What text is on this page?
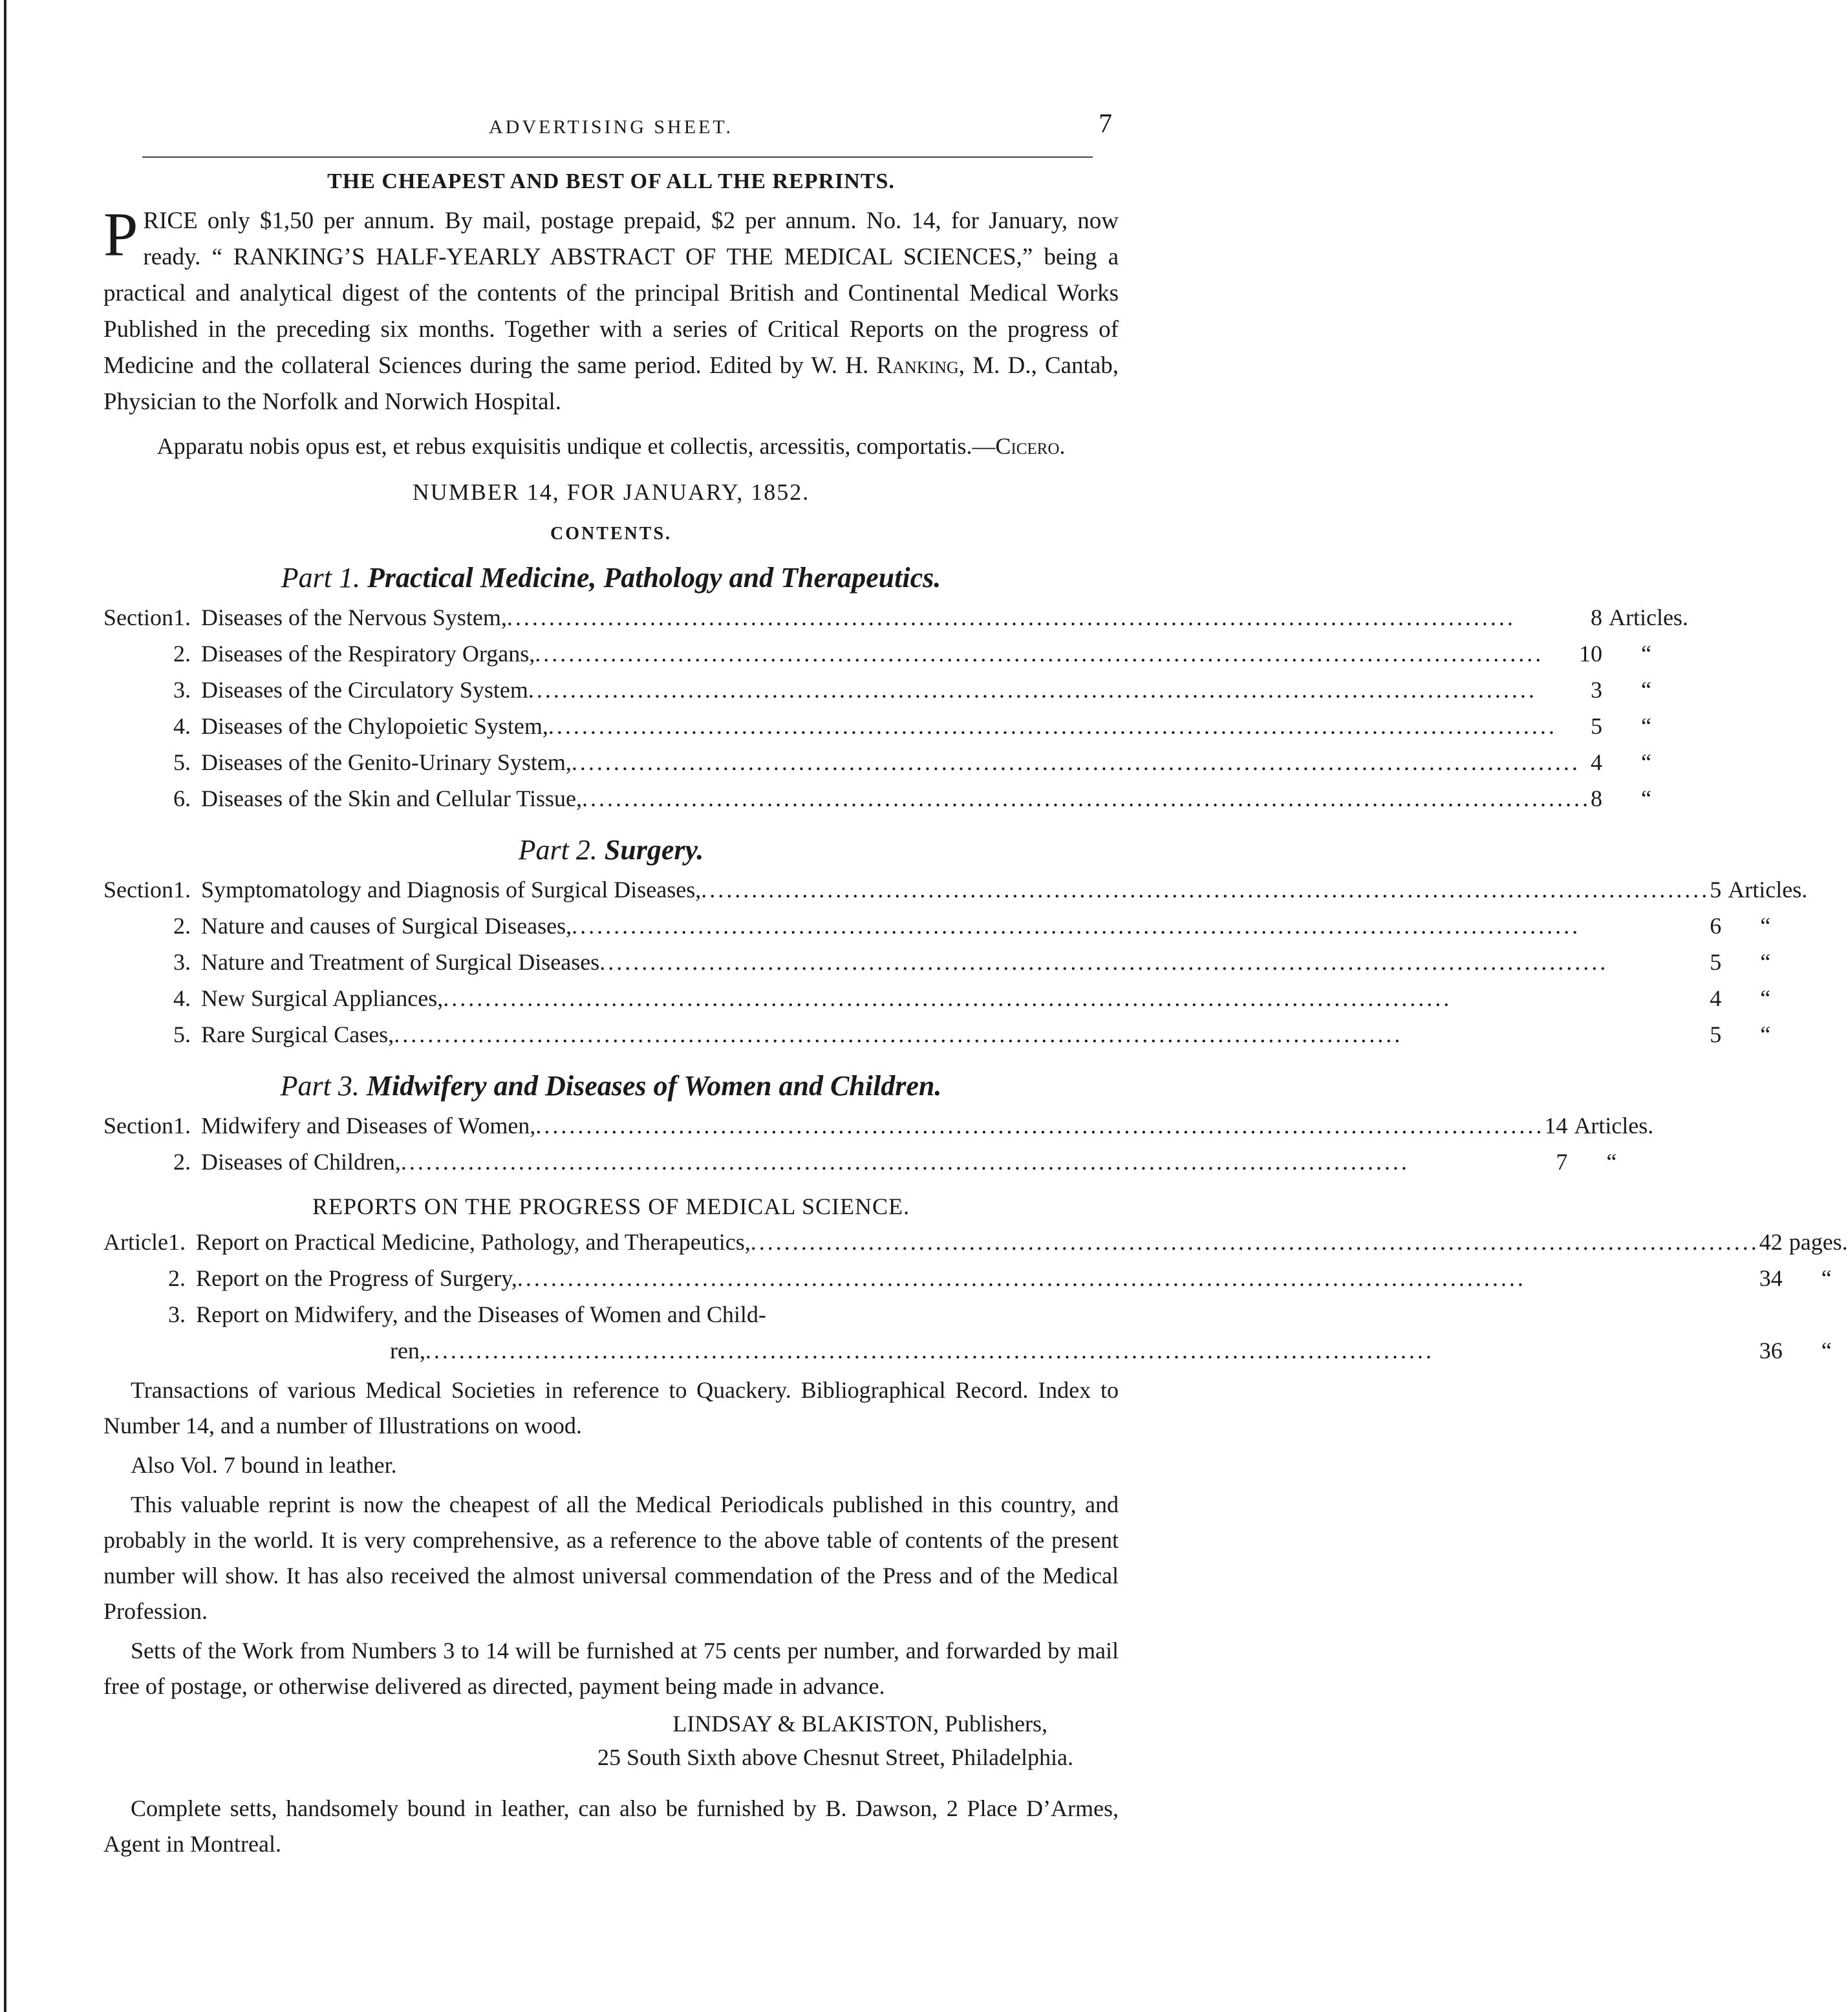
ADVERTISING SHEET.	7
THE CHEAPEST AND BEST OF ALL THE REPRINTS.

PRICE only $1,50 per annum. By mail, postage prepaid, $2 per annum. No. 14, for January, now ready. “ RANKING’S HALF-YEARLY ABSTRACT OF THE MEDICAL SCIENCES,” being a practical and analytical digest of the contents of the principal British and Continental Medical Works Published in the preceding six months. Together with a series of Critical Reports on the progress of Medicine and the collateral Sciences during the same period. Edited by W. H. Ranking, M. D., Cantab, Physician to the Norfolk and Norwich Hospital.

Apparatu nobis opus est, et rebus exquisitis undique et collectis, arcessitis, comportatis.—Cicero.
NUMBER 14, FOR JANUARY, 1852.
CONTENTS.
Part 1. Practical Medicine, Pathology and Therapeutics.
Section	1.	Diseases of the Nervous System, ........................................................................................................................ 8	Articles.
	2.	Diseases of the Respiratory Organs, ........................................................................................................................ 10	“
	3.	Diseases of the Circulatory System ........................................................................................................................ 3	“
	4.	Diseases of the Chylopoietic System, ........................................................................................................................ 5	“
	5.	Diseases of the Genito-Urinary System, ........................................................................................................................ 4	“
	6.	Diseases of the Skin and Cellular Tissue, ........................................................................................................................ 8	“
Part 2. Surgery.
Section	1.	Symptomatology and Diagnosis of Surgical Diseases, ........................................................................................................................ 5	Articles.
	2.	Nature and causes of Surgical Diseases, ........................................................................................................................ 6	“
	3.	Nature and Treatment of Surgical Diseases ........................................................................................................................ 5	“
	4.	New Surgical Appliances, ........................................................................................................................ 4	“
	5.	Rare Surgical Cases, ........................................................................................................................ 5	“
Part 3. Midwifery and Diseases of Women and Children.
Section	1.	Midwifery and Diseases of Women, ........................................................................................................................ 14	Articles.
	2.	Diseases of Children, ........................................................................................................................ 7	“
REPORTS ON THE PROGRESS OF MEDICAL SCIENCE.
Article	1.	Report on Practical Medicine, Pathology, and Therapeutics, ........................................................................................................................ 42	pages.
	2.	Report on the Progress of Surgery, ........................................................................................................................ 34	“
	3.	Report on Midwifery, and the Diseases of Women and Child-	

		ren, ........................................................................................................................ 36	“

Transactions of various Medical Societies in reference to Quackery. Bibliographical Record. Index to Number 14, and a number of Illustrations on wood.

Also Vol. 7 bound in leather.

This valuable reprint is now the cheapest of all the Medical Periodicals published in this country, and probably in the world. It is very comprehensive, as a reference to the above table of contents of the present number will show. It has also received the almost universal commendation of the Press and of the Medical Profession.

Setts of the Work from Numbers 3 to 14 will be furnished at 75 cents per number, and forwarded by mail free of postage, or otherwise delivered as directed, payment being made in advance.

LINDSAY & BLAKISTON, Publishers,
25 South Sixth above Chesnut Street, Philadelphia.

Complete setts, handsomely bound in leather, can also be furnished by B. Dawson, 2 Place D’Armes, Agent in Montreal.
